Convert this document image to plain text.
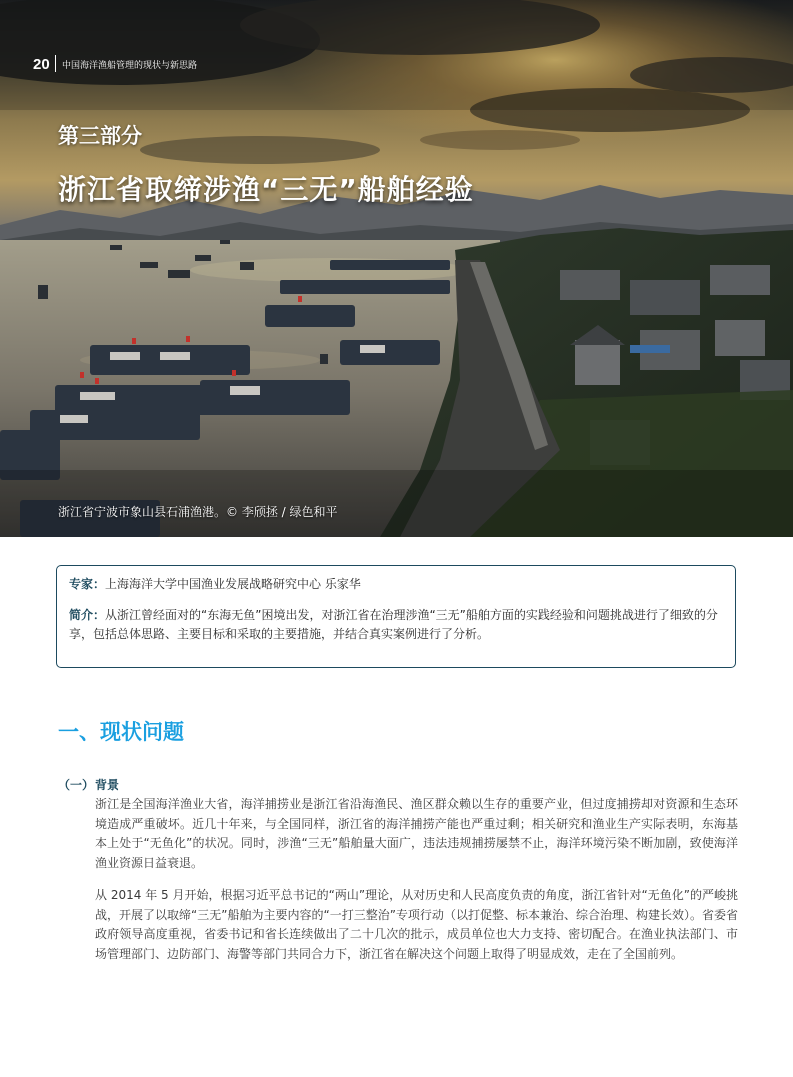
20 中国海洋渔船管理的现状与新思路
第三部分
浙江省取缔涉渔“三无”船舶经验
浙江省宁波市象山县石浦渔港。© 李颀拯 / 绿色和平
专家：上海海洋大学中国渔业发展战略研究中心 乐家华
简介：从浙江曾经面对的“东海无鱼”困境出发，对浙江省在治理涉渔“三无”船舶方面的实践经验和问题挑战进行了细致的分享，包括总体思路、主要目标和采取的主要措施，并结合真实案例进行了分析。
一、现状问题
（一） 背景

浙江是全国海洋渔业大省，海洋捕捞业是浙江省沿海渔民、渔区群众赖以生存的重要产业，但过度捕捞却对资源和生态环境造成严重破坏。近几十年来，与全国同样，浙江省的海洋捕捞产能也严重过剩；相关研究和渔业生产实际表明，东海基本上处于“无鱼化”的状况。同时，涉渔“三无”船舶量大面广，违法违规捕捞屡禁不止，海洋环境污染不断加剧，致使海洋渔业资源日益衰退。

从 2014 年 5 月开始，根据习近平总书记的“两山”理论，从对历史和人民高度负责的角度，浙江省针对“无鱼化”的严峻挑战，开展了以取缔“三无”船舶为主要内容的“一打三整治”专项行动（以打促整、标本兼治、综合治理、构建长效）。省委省政府领导高度重视，省委书记和省长连续做出了二十几次的批示，成员单位也大力支持、密切配合。在渔业执法部门、市场管理部门、边防部门、海警等部门共同合力下，浙江省在解决这个问题上取得了明显成效，走在了全国前列。
